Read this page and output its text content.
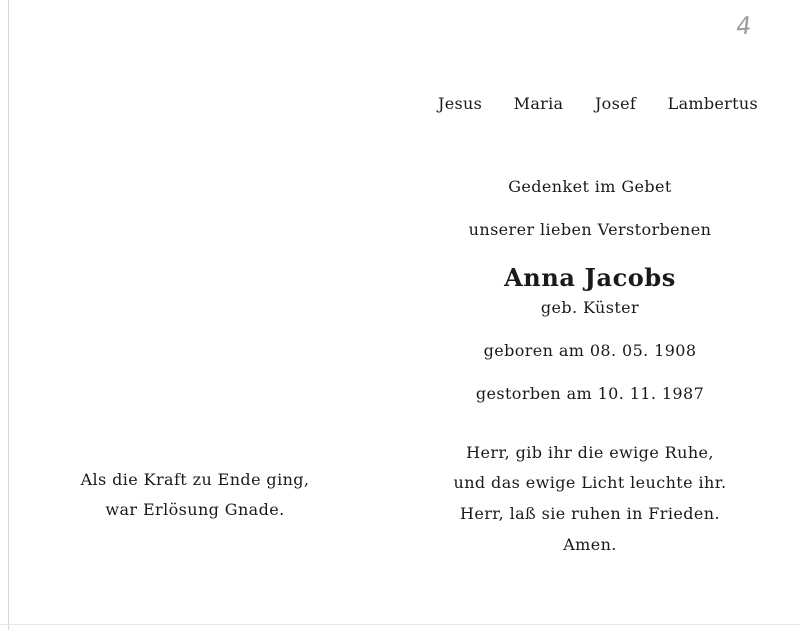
4
Jesus Maria Josef Lambertus
Gedenket im Gebet
unserer lieben Verstorbenen
Anna Jacobs
geb. Küster
geboren am 08. 05. 1908
gestorben am 10. 11. 1987
Herr, gib ihr die ewige Ruhe,
und das ewige Licht leuchte ihr.
Herr, laß sie ruhen in Frieden.
Amen.
Als die Kraft zu Ende ging,
war Erlösung Gnade.
